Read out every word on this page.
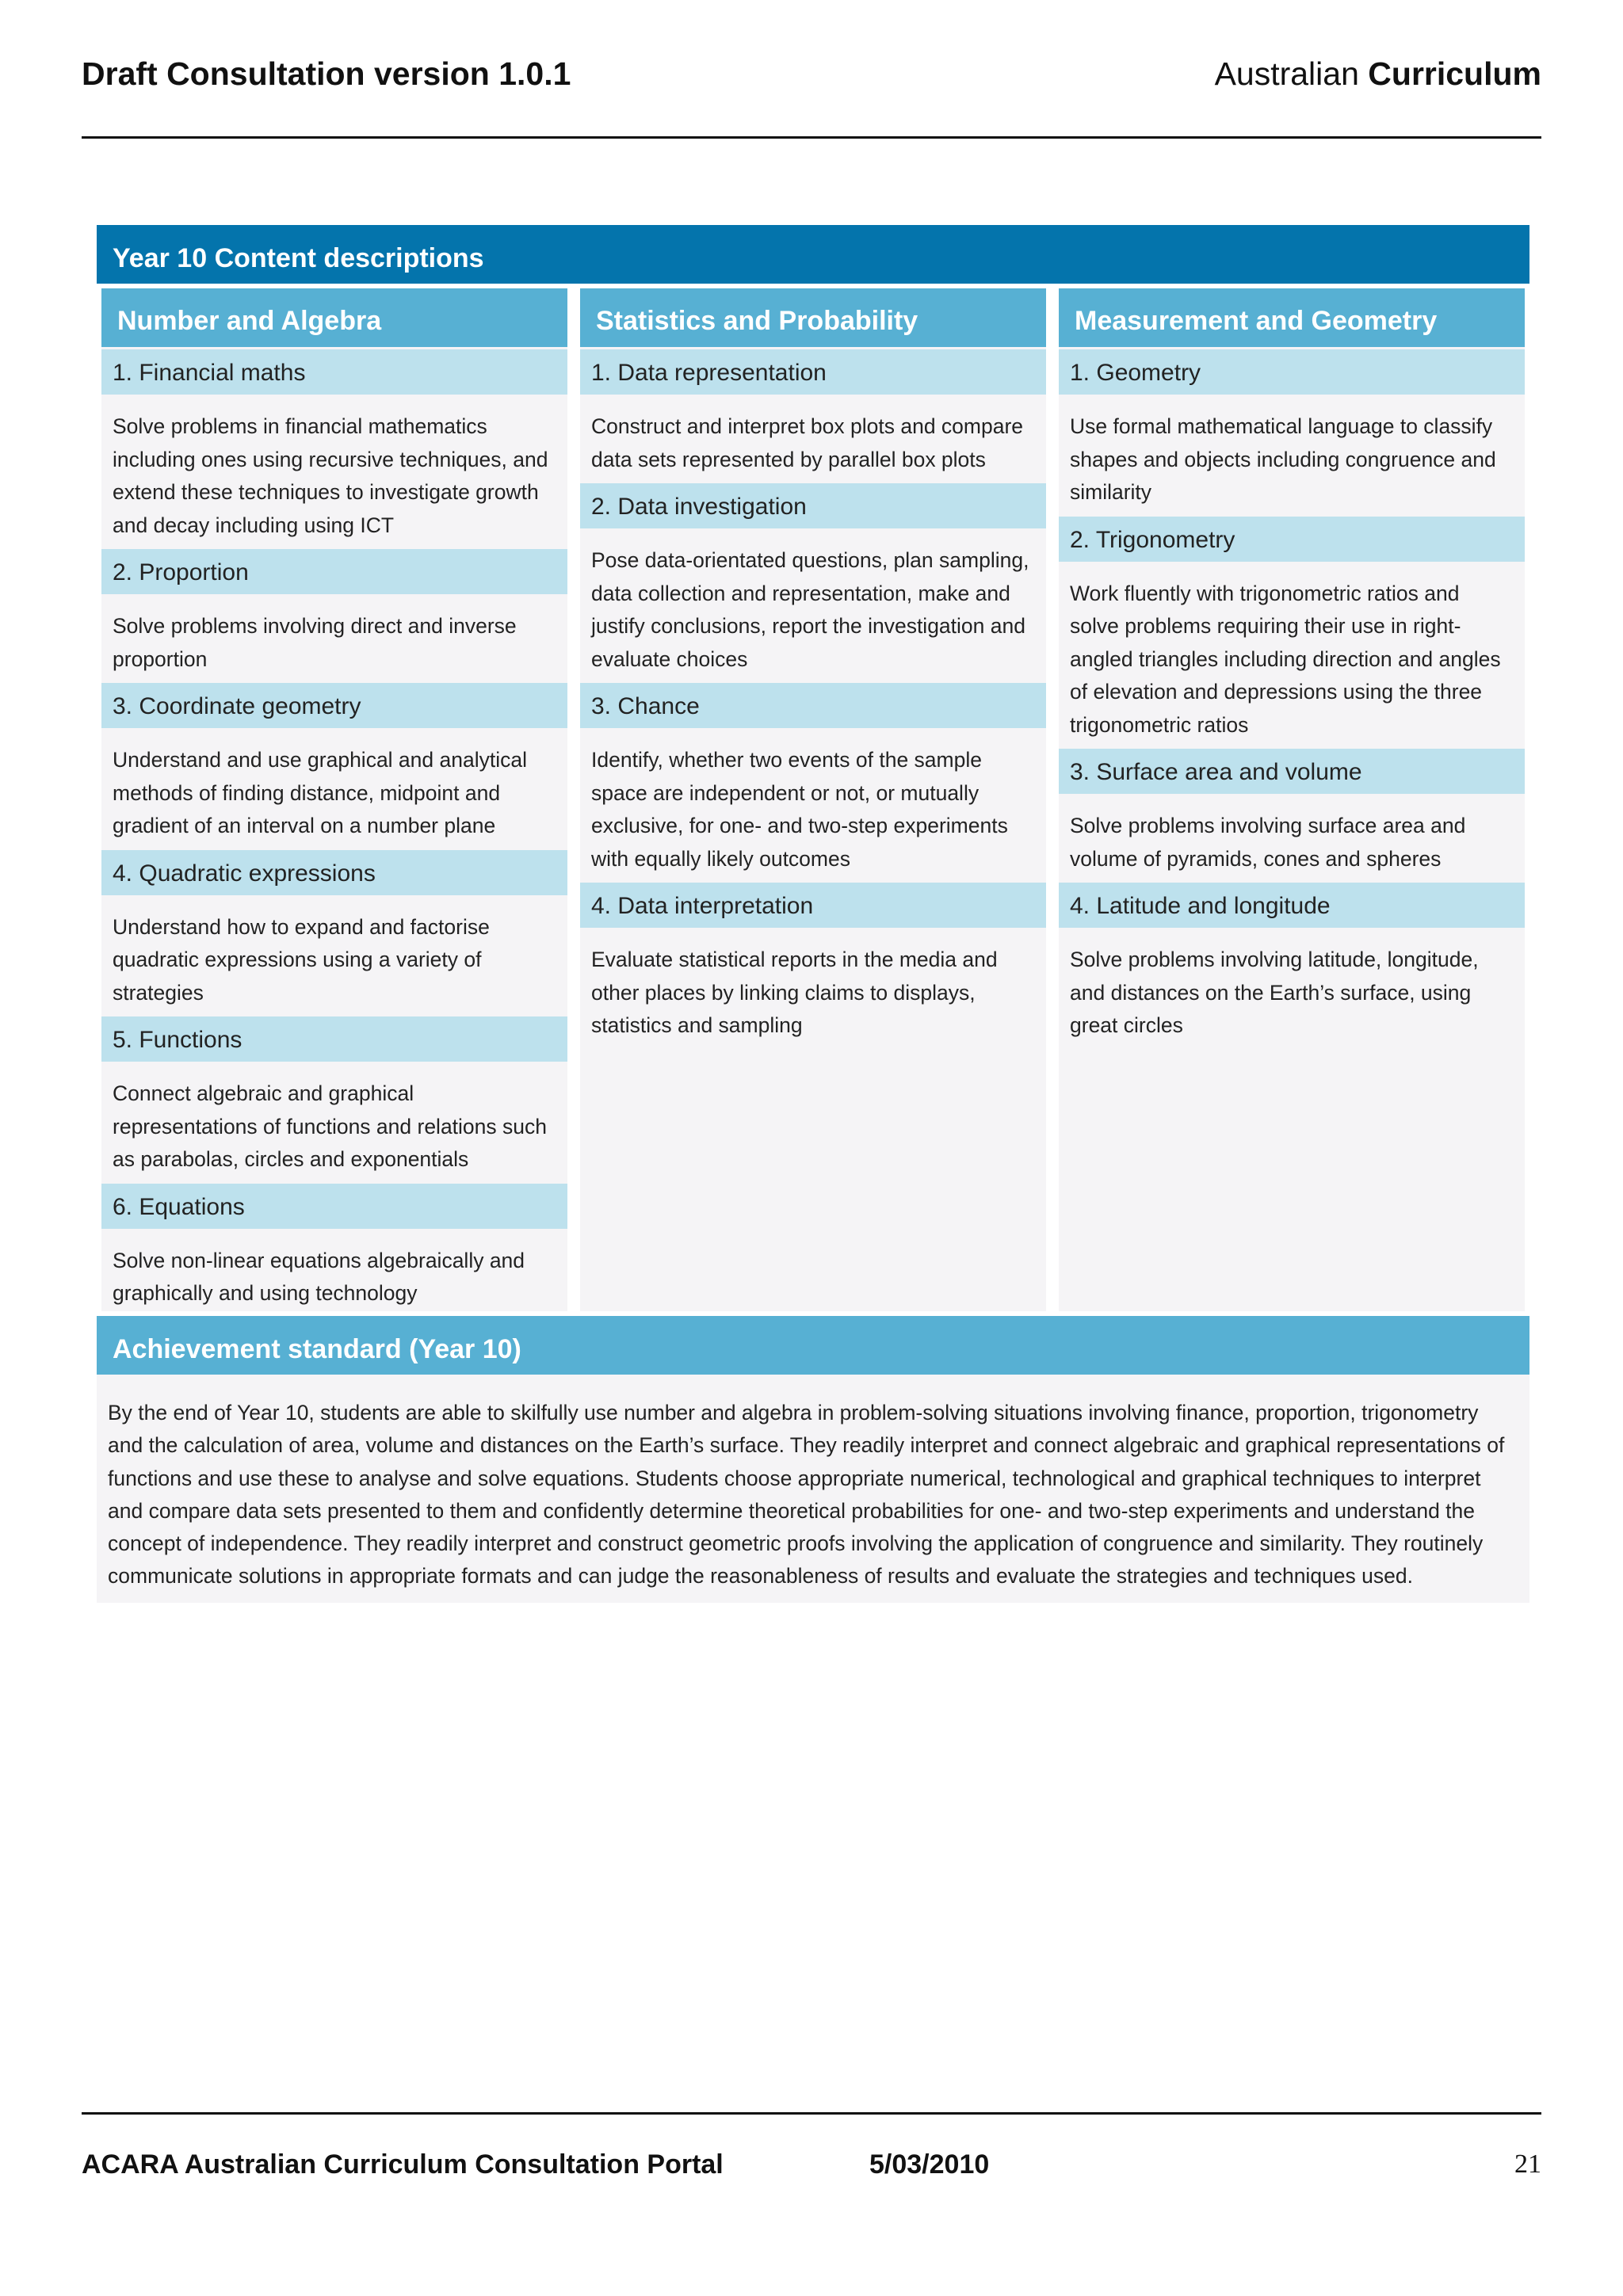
Draft Consultation version 1.0.1	Australian Curriculum
Year 10 Content descriptions
Number and Algebra
1. Financial maths
Solve problems in financial mathematics including ones using recursive techniques, and extend these techniques to investigate growth and decay including using ICT
2. Proportion
Solve problems involving direct and inverse proportion
3. Coordinate geometry
Understand and use graphical and analytical methods of finding distance, midpoint and gradient of an interval on a number plane
4. Quadratic expressions
Understand how to expand and factorise quadratic expressions using a variety of strategies
5. Functions
Connect algebraic and graphical representations of functions and relations such as parabolas, circles and exponentials
6. Equations
Solve non-linear equations algebraically and graphically and using technology
Statistics and Probability
1. Data representation
Construct and interpret box plots and compare data sets represented by parallel box plots
2. Data investigation
Pose data-orientated questions, plan sampling, data collection and representation, make and justify conclusions, report the investigation and evaluate choices
3. Chance
Identify, whether two events of the sample space are independent or not, or mutually exclusive, for one- and two-step experiments with equally likely outcomes
4. Data interpretation
Evaluate statistical reports in the media and other places by linking claims to displays, statistics and sampling
Measurement and Geometry
1. Geometry
Use formal mathematical language to classify shapes and objects including congruence and similarity
2. Trigonometry
Work fluently with trigonometric ratios and solve problems requiring their use in right-angled triangles including direction and angles of elevation and depressions using the three trigonometric ratios
3. Surface area and volume
Solve problems involving surface area and volume of pyramids, cones and spheres
4. Latitude and longitude
Solve problems involving latitude, longitude, and distances on the Earth’s surface, using great circles
Achievement standard (Year 10)
By the end of Year 10, students are able to skilfully use number and algebra in problem-solving situations involving finance, proportion, trigonometry and the calculation of area, volume and distances on the Earth’s surface. They readily interpret and connect algebraic and graphical representations of functions and use these to analyse and solve equations. Students choose appropriate numerical, technological and graphical techniques to interpret and compare data sets presented to them and confidently determine theoretical probabilities for one- and two-step experiments and understand the concept of independence. They readily interpret and construct geometric proofs involving the application of congruence and similarity. They routinely communicate solutions in appropriate formats and can judge the reasonableness of results and evaluate the strategies and techniques used.
ACARA Australian Curriculum Consultation Portal	5/03/2010	21
